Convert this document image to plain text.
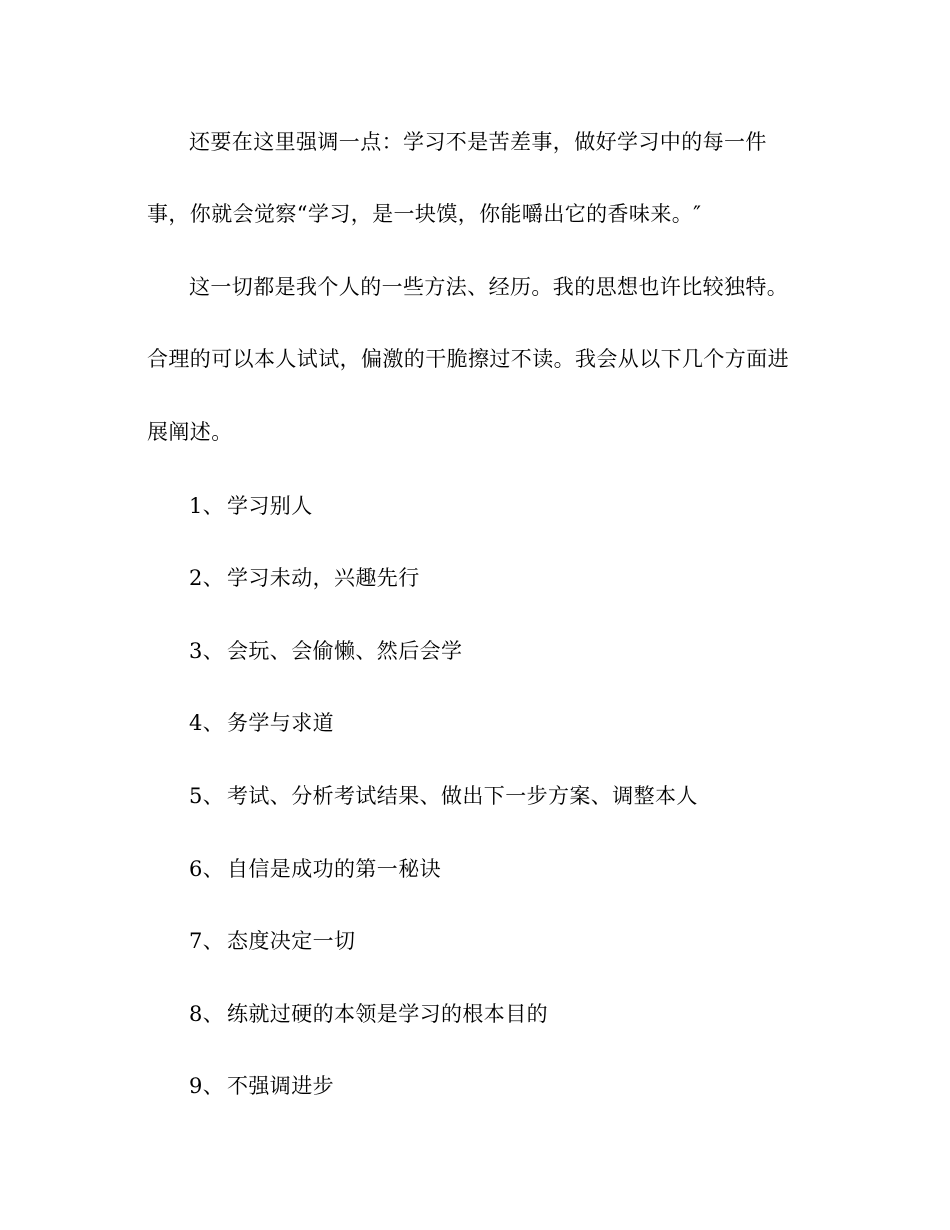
还要在这里强调一点：学习不是苦差事，做好学习中的每一件
事，你就会觉察“学习，是一块馍，你能嚼出它的香味来。″
这一切都是我个人的一些方法、经历。我的思想也许比较独特。
合理的可以本人试试，偏激的干脆擦过不读。我会从以下几个方面进
展阐述。
1、 学习别人
2、 学习未动，兴趣先行
3、 会玩、会偷懒、然后会学
4、 务学与求道
5、 考试、分析考试结果、做出下一步方案、调整本人
6、 自信是成功的第一秘诀
7、 态度决定一切
8、 练就过硬的本领是学习的根本目的
9、 不强调进步
